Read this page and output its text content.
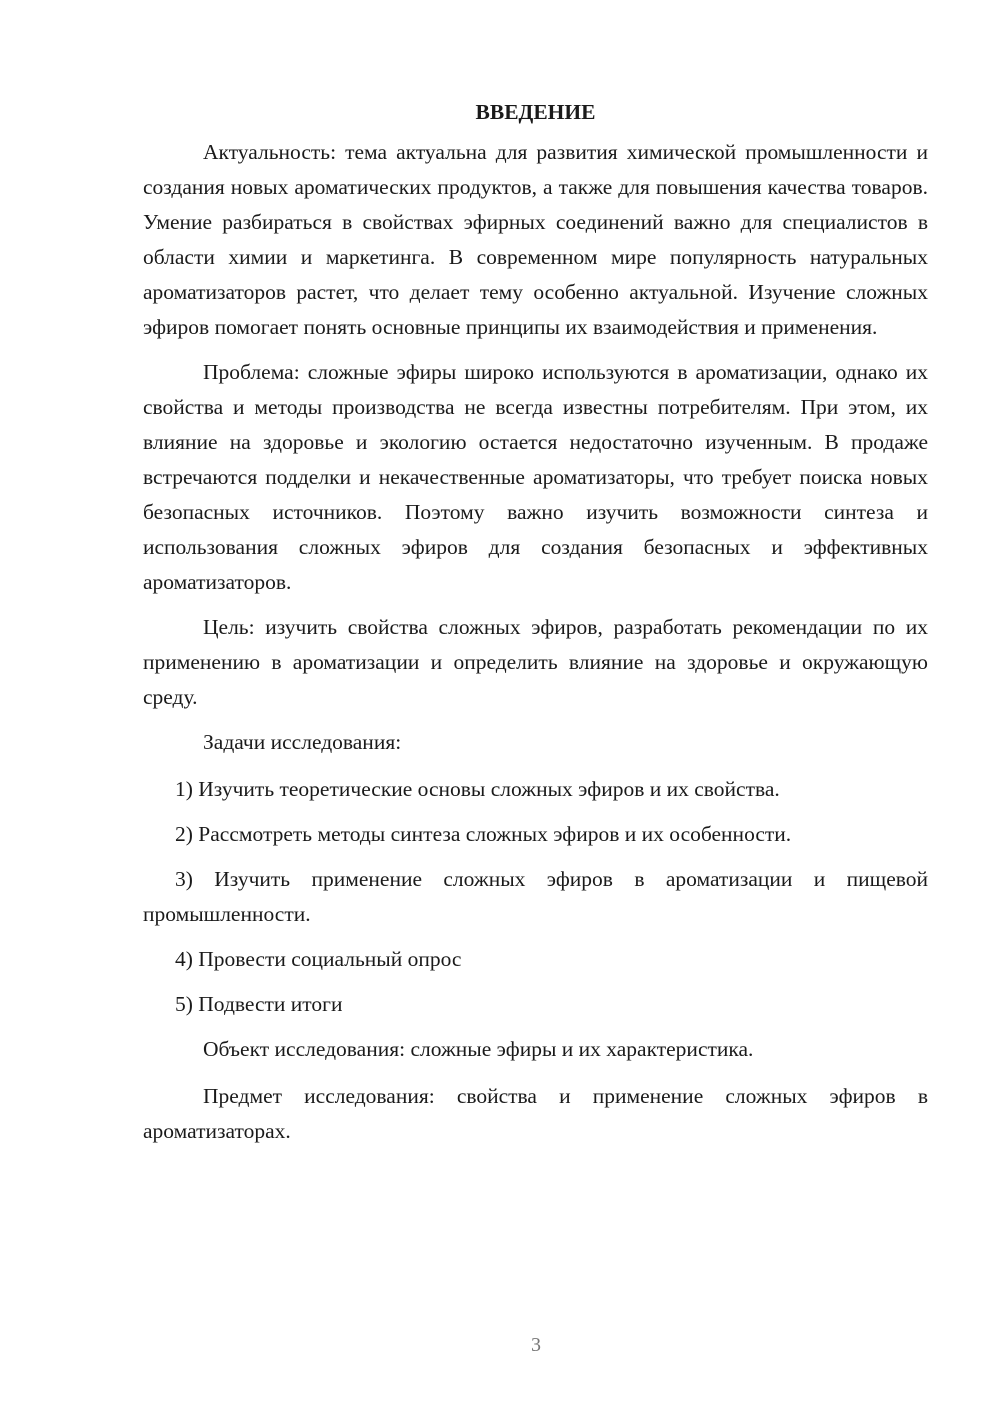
ВВЕДЕНИЕ

Актуальность: тема актуальна для развития химической промышленности и создания новых ароматических продуктов, а также для повышения качества товаров. Умение разбираться в свойствах эфирных соединений важно для специалистов в области химии и маркетинга. В современном мире популярность натуральных ароматизаторов растет, что делает тему особенно актуальной. Изучение сложных эфиров помогает понять основные принципы их взаимодействия и применения.

Проблема: сложные эфиры широко используются в ароматизации, однако их свойства и методы производства не всегда известны потребителям. При этом, их влияние на здоровье и экологию остается недостаточно изученным. В продаже встречаются подделки и некачественные ароматизаторы, что требует поиска новых безопасных источников. Поэтому важно изучить возможности синтеза и использования сложных эфиров для создания безопасных и эффективных ароматизаторов.

Цель: изучить свойства сложных эфиров, разработать рекомендации по их применению в ароматизации и определить влияние на здоровье и окружающую среду.

Задачи исследования:

1) Изучить теоретические основы сложных эфиров и их свойства.

2) Рассмотреть методы синтеза сложных эфиров и их особенности.

3) Изучить применение сложных эфиров в ароматизации и пищевой промышленности.

4) Провести социальный опрос

5) Подвести итоги

Объект исследования: сложные эфиры и их характеристика.

Предмет исследования: свойства и применение сложных эфиров в ароматизаторах.

3
